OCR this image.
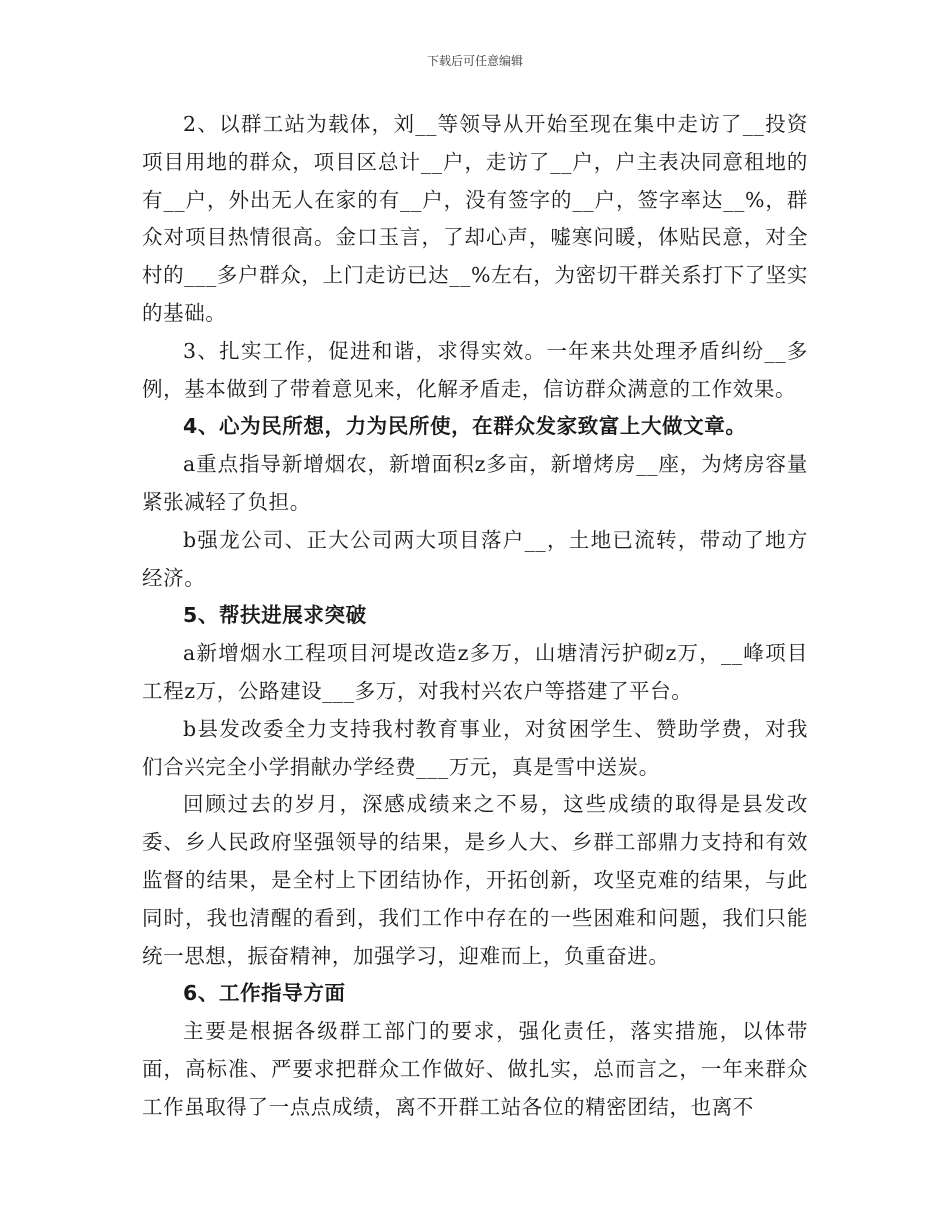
下载后可任意编辑

2、以群工站为载体，刘__等领导从开始至现在集中走访了__投资项目用地的群众，项目区总计__户，走访了__户，户主表决同意租地的有__户，外出无人在家的有__户，没有签字的__户，签字率达__%，群众对项目热情很高。金口玉言，了却心声，嘘寒问暖，体贴民意，对全村的___多户群众，上门走访已达__%左右，为密切干群关系打下了坚实的基础。

3、扎实工作，促进和谐，求得实效。一年来共处理矛盾纠纷__多例，基本做到了带着意见来，化解矛盾走，信访群众满意的工作效果。

4、心为民所想，力为民所使，在群众发家致富上大做文章。

a重点指导新增烟农，新增面积z多亩，新增烤房__座，为烤房容量紧张减轻了负担。

b强龙公司、正大公司两大项目落户__，土地已流转，带动了地方经济。

5、帮扶进展求突破

a新增烟水工程项目河堤改造z多万，山塘清污护砌z万，__峰项目工程z万，公路建设___多万，对我村兴农户等搭建了平台。

b县发改委全力支持我村教育事业，对贫困学生、赞助学费，对我们合兴完全小学捐献办学经费___万元，真是雪中送炭。

回顾过去的岁月，深感成绩来之不易，这些成绩的取得是县发改委、乡人民政府坚强领导的结果，是乡人大、乡群工部鼎力支持和有效监督的结果，是全村上下团结协作，开拓创新，攻坚克难的结果，与此同时，我也清醒的看到，我们工作中存在的一些困难和问题，我们只能统一思想，振奋精神，加强学习，迎难而上，负重奋进。

6、工作指导方面

主要是根据各级群工部门的要求，强化责任，落实措施，以体带面，高标准、严要求把群众工作做好、做扎实，总而言之，一年来群众工作虽取得了一点点成绩，离不开群工站各位的精密团结，也离不
